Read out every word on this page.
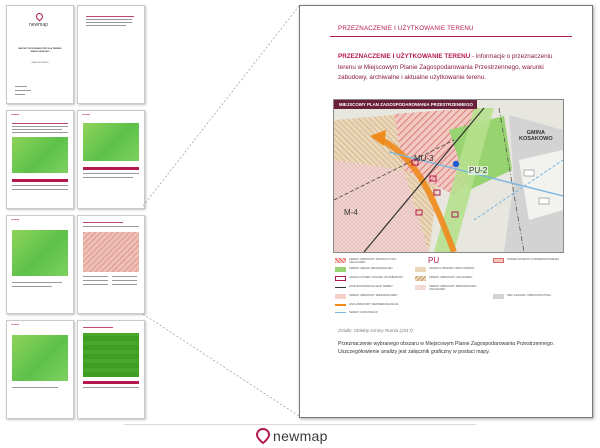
newmap
RAPORT FIZJOGRAFICZNY DLA TERENU NIERUCHOMOŚCI
ANALIZA TERENU
newmap	newmap
newmap
newmap
PRZEZNACZENIE I UŻYTKOWANIE TERENU
PRZEZNACZENIE I UŻYTKOWANIE TERENU - informacje o przeznaczeniu terenu w Miejscowym Planie Zagospodarowania Przestrzennego, warunki zabudowy, archiwalne i aktualne użytkowanie terenu.
MIEJSCOWY PLAN ZAGOSPODAROWANIA PRZESTRZENNEGO
MU-3
PU-2
M-4
GMINA
KOSAKOWO
TERENY ZABUDOWY PRODUKCYJNO - USŁUGOWEJ
TERENY ZIELENI NIEURZĄDZONEJ
GRANICA STREFY WOLNEJ OD ZABUDOWY
LINIE ROZGRANICZAJĄCE TERENY
TERENY ZABUDOWY MIESZKANIOWEJ
LINIA ZABUDOWY NIEPRZEKRACZALNA
TERENY KOMUNIKACJI
PU
GRANICA OBSZARU OPRACOWANIA
TERENY ZABUDOWY USŁUGOWEJ
TERENY ZABUDOWY MIESZKANIOWO - USŁUGOWEJ
STREFA OCHRONY KONSERWATORSKIEJ
SIEĆ GAZOWA / INFRASTRUKTURA
Źródło: Obiekty Gminy Rumia (2017)
Przeznaczenie wybranego obszaru w Miejscowym Planie Zagospodarowania Przestrzennego. Uszczegółowienie analizy jest załącznik graficzny w postaci mapy.
newmap
